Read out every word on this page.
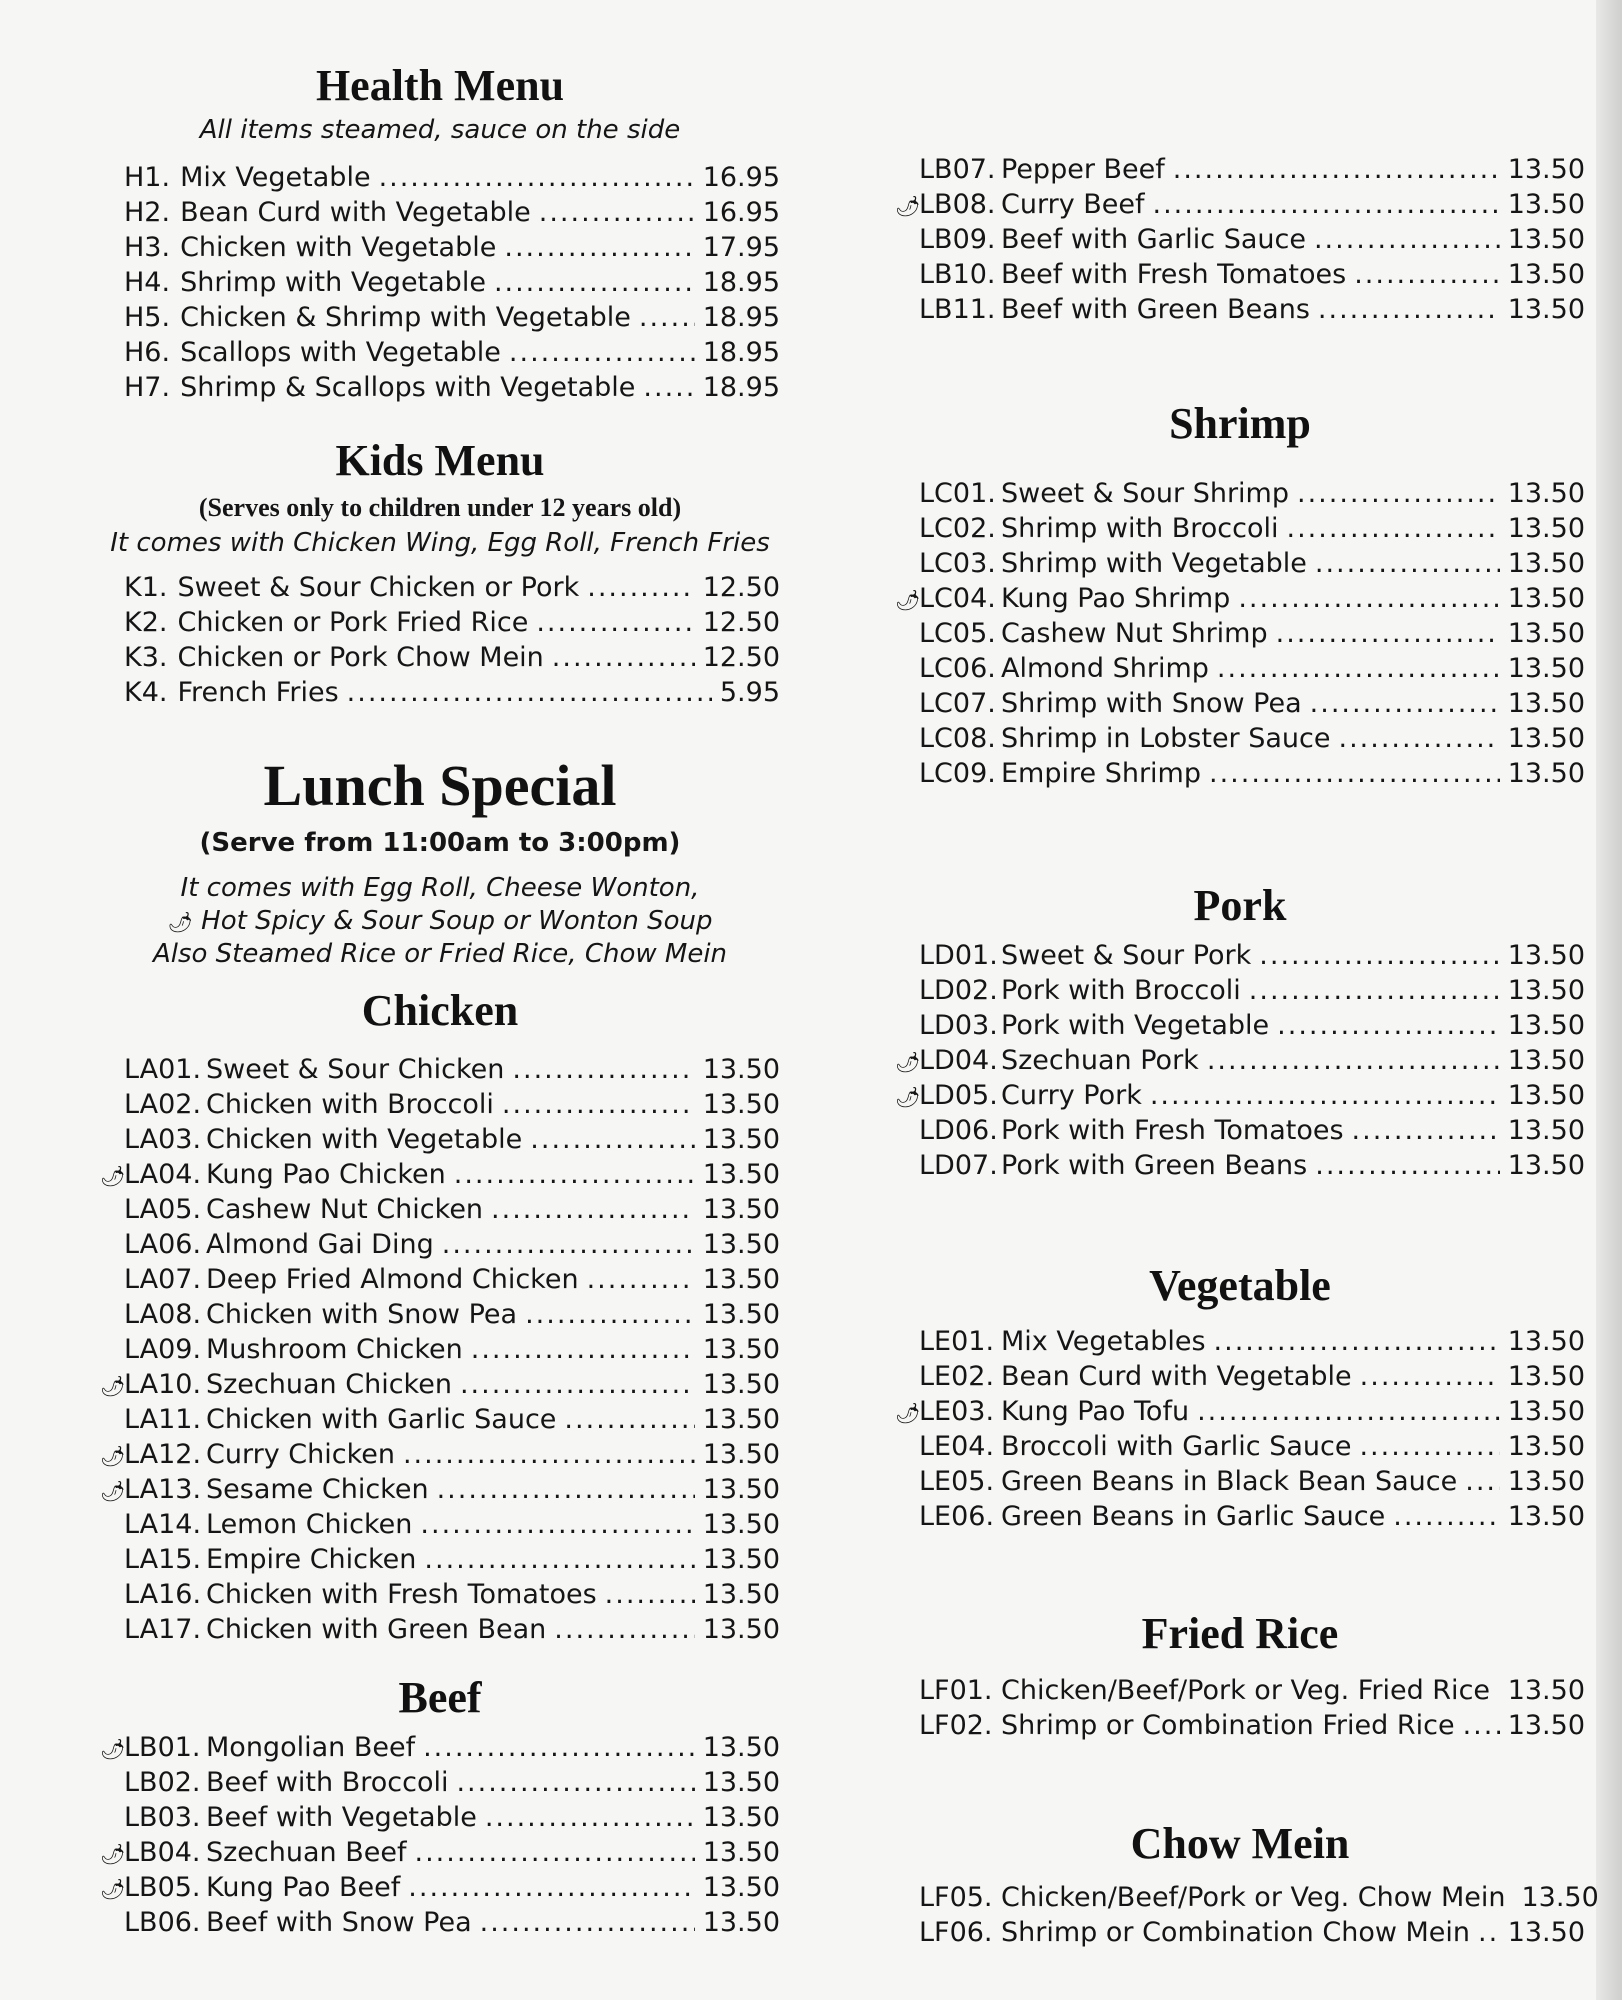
Health Menu
All items steamed, sauce on the side
H1. Mix Vegetable .....	16.95
H2. Bean Curd with Vegetable .....	16.95
H3. Chicken with Vegetable .....	17.95
H4. Shrimp with Vegetable .....	18.95
H5. Chicken & Shrimp with Vegetable .....	18.95
H6. Scallops with Vegetable .....	18.95
H7. Shrimp & Scallops with Vegetable ..... 18.95
Kids Menu
(Serves only to children under 12 years old)
It comes with Chicken Wing, Egg Roll, French Fries
K1. Sweet & Sour Chicken or Pork .....	12.50
K2. Chicken or Pork Fried Rice .....	12.50
K3. Chicken or Pork Chow Mein .....	12.50
K4. French Fries .....	5.95
Lunch Special
(Serve from 11:00am to 3:00pm)
It comes with Egg Roll, Cheese Wonton,
🌶 Hot Spicy & Sour Soup or Wonton Soup
Also Steamed Rice or Fried Rice, Chow Mein
Chicken
LA01. Sweet & Sour Chicken .....	13.50
LA02. Chicken with Broccoli .....	13.50
LA03. Chicken with Vegetable .....	13.50
🌶
LA04. Kung Pao Chicken .....	13.50
LA05. Cashew Nut Chicken .....	13.50
LA06. Almond Gai Ding .....	13.50
LA07. Deep Fried Almond Chicken .....	13.50
LA08. Chicken with Snow Pea .....	13.50
LA09. Mushroom Chicken .....	13.50
🌶
LA10. Szechuan Chicken .....	13.50
LA11. Chicken with Garlic Sauce .....	13.50
🌶
LA12. Curry Chicken .....	13.50
🌶
LA13. Sesame Chicken .....	13.50
LA14. Lemon Chicken .....	13.50
LA15. Empire Chicken .....	13.50
LA16. Chicken with Fresh Tomatoes .....	13.50
LA17. Chicken with Green Bean .....	13.50
Beef
🌶
LB01. Mongolian Beef .....	13.50
LB02. Beef with Broccoli .....	13.50
LB03. Beef with Vegetable .....	13.50
🌶
LB04. Szechuan Beef .....	13.50
🌶
LB05. Kung Pao Beef .....	13.50
LB06. Beef with Snow Pea .....	13.50
LB07. Pepper Beef .....	13.50
🌶
LB08. Curry Beef .....	13.50
LB09. Beef with Garlic Sauce .....	13.50
LB10. Beef with Fresh Tomatoes .....	13.50
LB11. Beef with Green Beans .....	13.50
Shrimp
LC01. Sweet & Sour Shrimp .....	13.50
LC02. Shrimp with Broccoli .....	13.50
LC03. Shrimp with Vegetable .....	13.50
🌶
LC04. Kung Pao Shrimp .....	13.50
LC05. Cashew Nut Shrimp .....	13.50
LC06. Almond Shrimp .....	13.50
LC07. Shrimp with Snow Pea .....	13.50
LC08. Shrimp in Lobster Sauce .....	13.50
LC09. Empire Shrimp .....	13.50
Pork
LD01. Sweet & Sour Pork .....	13.50
LD02. Pork with Broccoli .....	13.50
LD03. Pork with Vegetable .....	13.50
🌶
LD04. Szechuan Pork .....	13.50
🌶
LD05. Curry Pork .....	13.50
LD06. Pork with Fresh Tomatoes .....	13.50
LD07. Pork with Green Beans .....	13.50
Vegetable
LE01. Mix Vegetables .....	13.50
LE02. Bean Curd with Vegetable .....	13.50
🌶
LE03. Kung Pao Tofu .....	13.50
LE04. Broccoli with Garlic Sauce .....	13.50
LE05. Green Beans in Black Bean Sauce ..... 13.50
LE06. Green Beans in Garlic Sauce .....	13.50
Fried Rice
LF01. Chicken/Beef/Pork or Veg. Fried Rice ..... 13.50
LF02. Shrimp or Combination Fried Rice ..... 13.50
Chow Mein
LF05. Chicken/Beef/Pork or Veg. Chow Mein 13.50
LF06. Shrimp or Combination Chow Mein ..... 13.50
